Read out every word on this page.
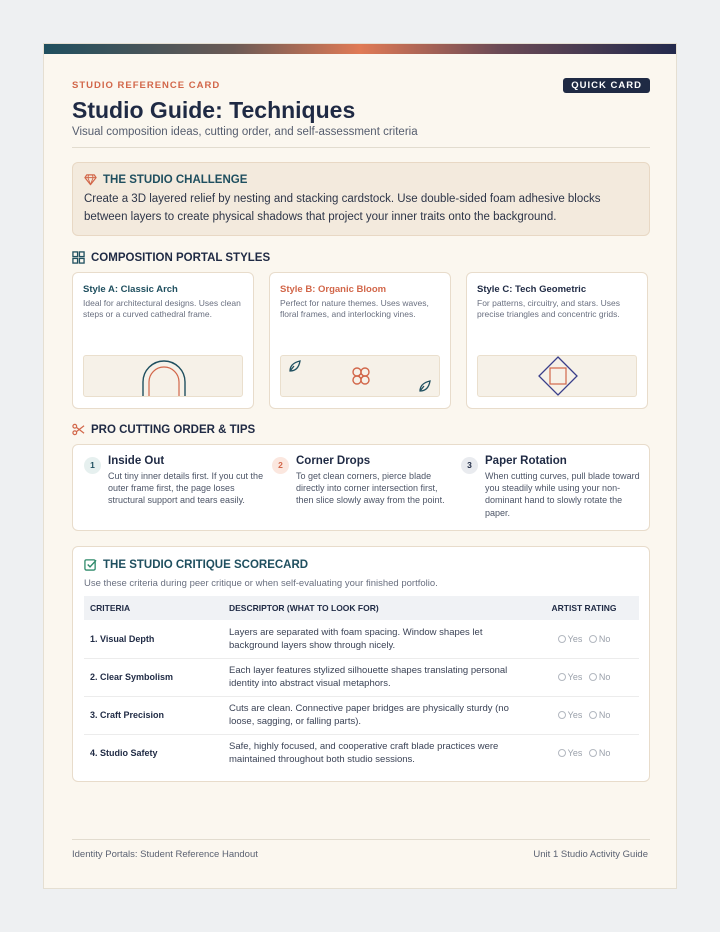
STUDIO REFERENCE CARD	QUICK CARD
Studio Guide: Techniques
Visual composition ideas, cutting order, and self-assessment criteria
THE STUDIO CHALLENGE

Create a 3D layered relief by nesting and stacking cardstock. Use double-sided foam adhesive blocks between layers to create physical shadows that project your inner traits onto the background.

COMPOSITION PORTAL STYLES
Style A: Classic Arch

Ideal for architectural designs. Uses clean steps or a curved cathedral frame.

Style B: Organic Bloom

Perfect for nature themes. Uses waves, floral frames, and interlocking vines.

Style C: Tech Geometric

For patterns, circuitry, and stars. Uses precise triangles and concentric grids.

PRO CUTTING ORDER & TIPS
1	Inside Out

Cut tiny inner details first. If you cut the outer frame first, the page loses structural support and tears easily.

2	Corner Drops

To get clean corners, pierce blade directly into corner intersection first, then slice slowly away from the point.

3	Paper Rotation

When cutting curves, pull blade toward you steadily while using your non-dominant hand to slowly rotate the paper.

THE STUDIO CRITIQUE SCORECARD
Use these criteria during peer critique or when self-evaluating your finished portfolio.
CRITERIA	DESCRIPTOR (WHAT TO LOOK FOR)	ARTIST RATING
1. Visual Depth	Layers are separated with foam spacing. Window shapes let background layers show through nicely.	Yes No
2. Clear Symbolism	Each layer features stylized silhouette shapes translating personal identity into abstract visual metaphors.	Yes No
3. Craft Precision	Cuts are clean. Connective paper bridges are physically sturdy (no loose, sagging, or falling parts).	Yes No
4. Studio Safety	Safe, highly focused, and cooperative craft blade practices were maintained throughout both studio sessions.	Yes No
Identity Portals: Student Reference Handout	Unit 1 Studio Activity Guide
